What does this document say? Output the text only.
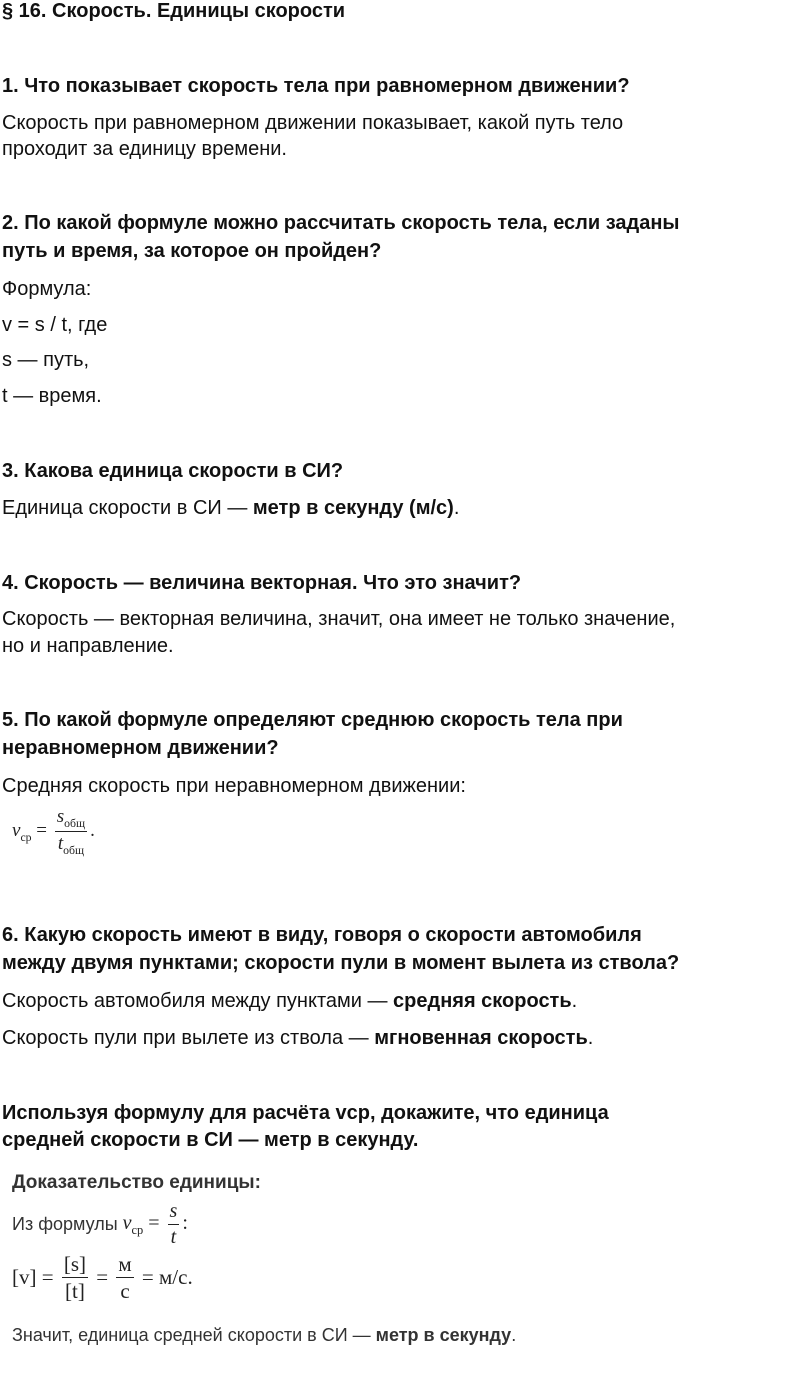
§ 16. Скорость. Единицы скорости

1. Что показывает скорость тела при равномерном движении?

Скорость при равномерном движении показывает, какой путь тело

проходит за единицу времени.

2. По какой формуле можно рассчитать скорость тела, если заданы

путь и время, за которое он пройден?

Формула:

v = s / t, где

s — путь,

t — время.

3. Какова единица скорости в СИ?

Единица скорости в СИ — метр в секунду (м/с).

4. Скорость — величина векторная. Что это значит?

Скорость — векторная величина, значит, она имеет не только значение,

но и направление.

5. По какой формуле определяют среднюю скорость тела при

неравномерном движении?

Средняя скорость при неравномерном движении:

$v_{ср} = \frac{s_{общ}}{t_{общ}}$ .

6. Какую скорость имеют в виду, говоря о скорости автомобиля

между двумя пунктами; скорости пули в момент вылета из ствола?

Скорость автомобиля между пунктами — средняя скорость.

Скорость пули при вылете из ствола — мгновенная скорость.

Используя формулу для расчёта vср, докажите, что единица

средней скорости в СИ — метр в секунду.

Доказательство единицы:
Из формулы $v_{ср} = \frac{s}{t}$ :
$[v] = \frac{[s]}{[t]} = \frac{м}{с} = м/с$.
Значит, единица средней скорости в СИ — метр в секунду.
